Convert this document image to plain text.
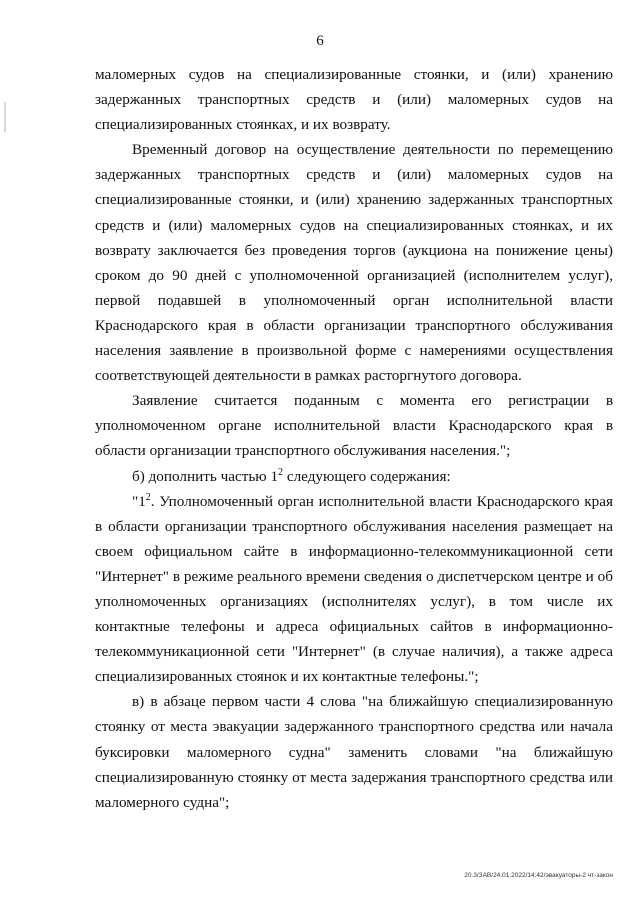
6

маломерных судов на специализированные стоянки, и (или) хранению задержанных транспортных средств и (или) маломерных судов на специализированных стоянках, и их возврату.

Временный договор на осуществление деятельности по перемещению задержанных транспортных средств и (или) маломерных судов на специализированные стоянки, и (или) хранению задержанных транспортных средств и (или) маломерных судов на специализированных стоянках, и их возврату заключается без проведения торгов (аукциона на понижение цены) сроком до 90 дней с уполномоченной организацией (исполнителем услуг), первой подавшей в уполномоченный орган исполнительной власти Краснодарского края в области организации транспортного обслуживания населения заявление в произвольной форме с намерениями осуществления соответствующей деятельности в рамках расторгнутого договора.

Заявление считается поданным с момента его регистрации в уполномоченном органе исполнительной власти Краснодарского края в области организации транспортного обслуживания населения.";

б) дополнить частью $1^2$ следующего содержания:

"$1^2$. Уполномоченный орган исполнительной власти Краснодарского края в области организации транспортного обслуживания населения размещает на своем официальном сайте в информационно-телекоммуникационной сети "Интернет" в режиме реального времени сведения о диспетчерском центре и об уполномоченных организациях (исполнителях услуг), в том числе их контактные телефоны и адреса официальных сайтов в информационно-телекоммуникационной сети "Интернет" (в случае наличия), а также адреса специализированных стоянок и их контактные телефоны.";

в) в абзаце первом части 4 слова "на ближайшую специализированную стоянку от места эвакуации задержанного транспортного средства или начала буксировки маломерного судна" заменить словами "на ближайшую специализированную стоянку от места задержания транспортного средства или маломерного судна";

20.3/ЗАВ/24.01.2022/14:42/эвакуаторы-2 чт-закон
